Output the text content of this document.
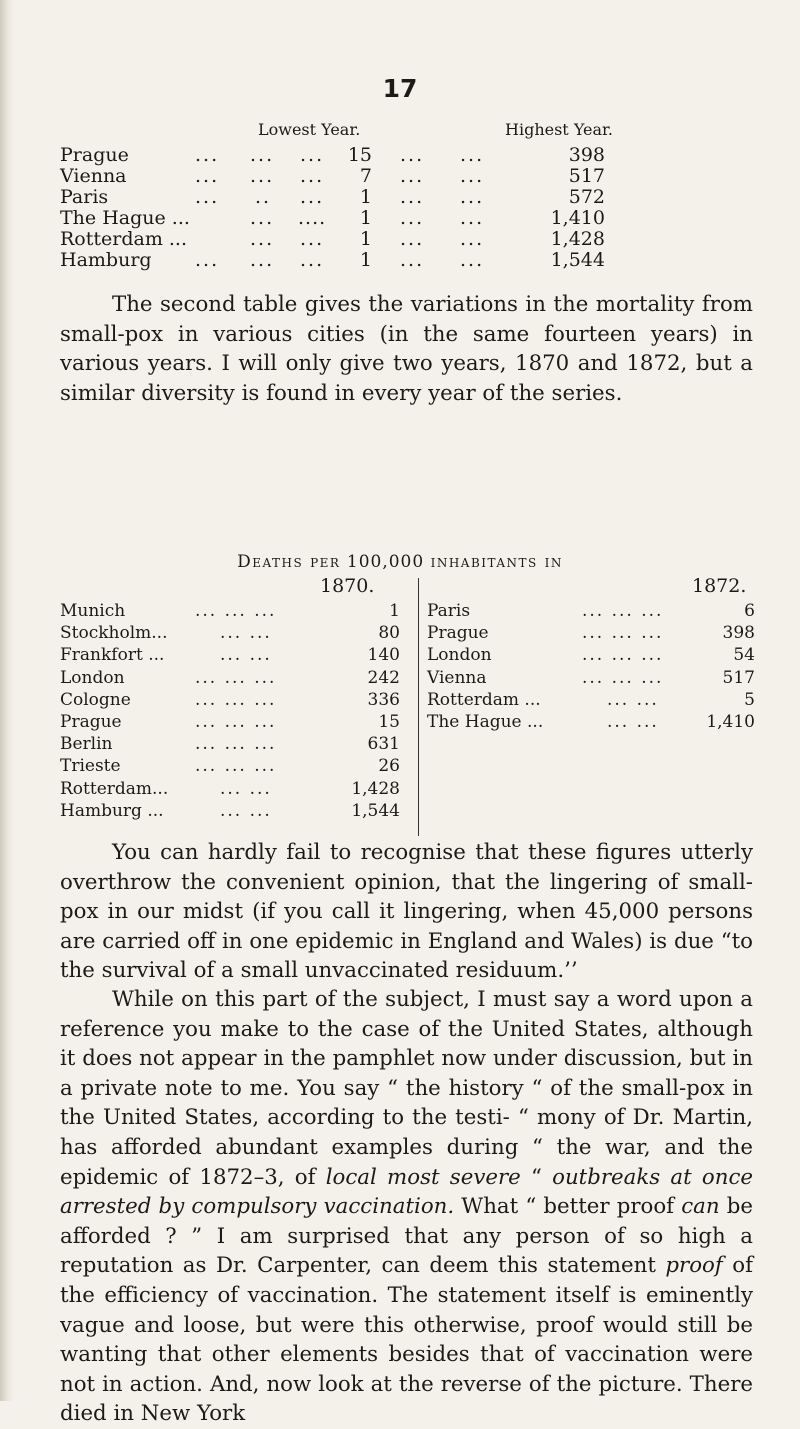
17
Lowest Year.	Highest Year.
Prague	... ... ...	15 ... ...	398
Vienna	... ... ...	7 ... ...	517
Paris	... .. ...	1 ... ...	572
The Hague ...	... ....	1 ... ...	1,410
Rotterdam ...	... ...	1 ... ...	1,428
Hamburg ... ... ...	1 ... ...	1,544

The second table gives the variations in the mortality from small-pox in various cities (in the same fourteen years) in various years. I will only give two years, 1870 and 1872, but a similar diversity is found in every year of the series.

Deaths per 100,000 inhabitants in
1870.
Munich	... ... ...	1
Stockholm...	... ...	80
Frankfort ...	... ...	140
London	... ... ...	242
Cologne	... ... ...	336
Prague	... ... ...	15
Berlin	... ... ...	631
Trieste	... ... ...	26
Rotterdam...	... ...	1,428
Hamburg ...	... ...	1,544
1872.
Paris	... ... ...	6
Prague	... ... ...	398
London	... ... ...	54
Vienna	... ... ...	517
Rotterdam ...	... ...	5
The Hague ...	... ...	1,410

You can hardly fail to recognise that these figures utterly overthrow the convenient opinion, that the lingering of small-pox in our midst (if you call it lingering, when 45,000 persons are carried off in one epidemic in England and Wales) is due “to the survival of a small unvaccinated residuum.’’

While on this part of the subject, I must say a word upon a reference you make to the case of the United States, although it does not appear in the pamphlet now under discussion, but in a private note to me. You say “ the history “ of the small-pox in the United States, according to the testi- “ mony of Dr. Martin, has afforded abundant examples during “ the war, and the epidemic of 1872–3, of local most severe “ outbreaks at once arrested by compulsory vaccination. What “ better proof can be afforded ? ” I am surprised that any person of so high a reputation as Dr. Carpenter, can deem this statement proof of the efficiency of vaccination. The statement itself is eminently vague and loose, but were this otherwise, proof would still be wanting that other elements besides that of vaccination were not in action. And, now look at the reverse of the picture. There died in New York
